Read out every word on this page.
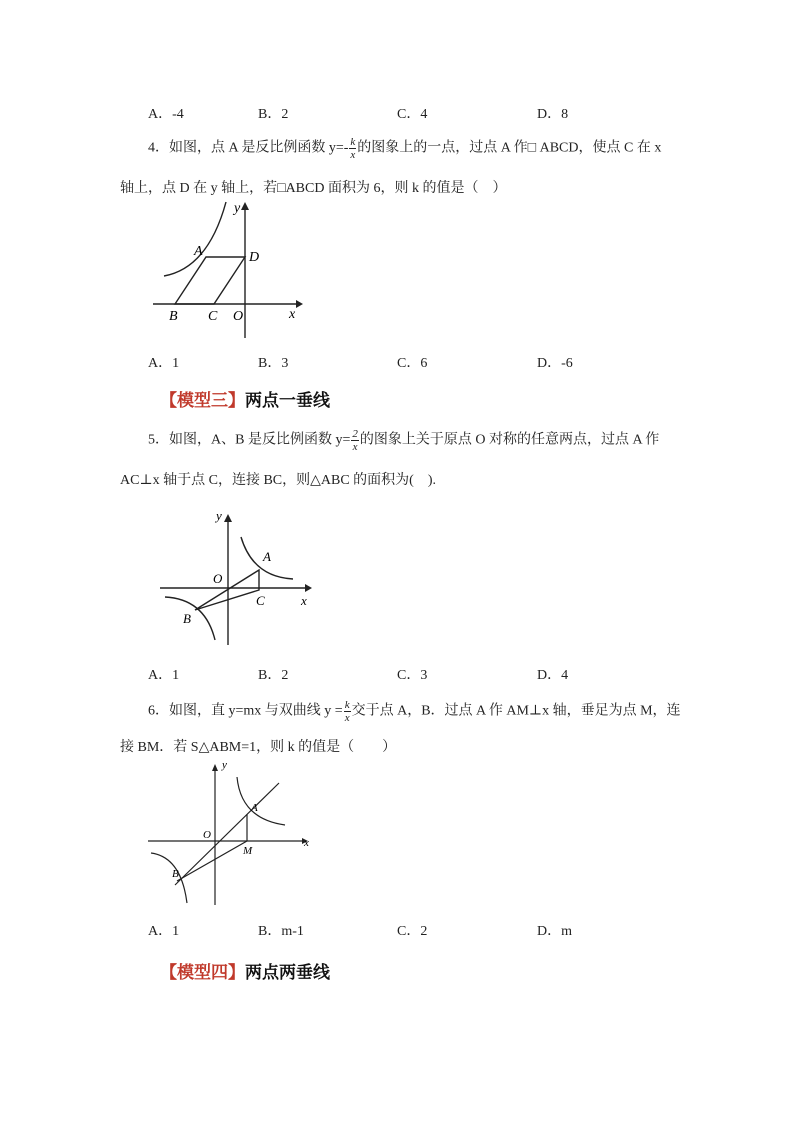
A．-4	B．2	C．4	D．8
4．如图，点 A 是反比例函数 $y=- \frac{k}{x}$ 的图象上的一点，过点 A 作□ ABCD，使点 C 在 x
轴上，点 D 在 y 轴上，若□ABCD 面积为 6，则 k 的值是（　）
A	D
B C O	x
y
A．1	B．3	C．6	D．-6
【模型三】两点一垂线
5．如图，A、B 是反比例函数 $y= \frac{2}{x}$ 的图象上关于原点 O 对称的任意两点，过点 A 作
AC⊥x 轴于点 C，连接 BC，则△ABC 的面积为(　).
A
O
C
B
x
y
A．1	B．2	C．3	D．4
6．如图，直 y=mx 与双曲线 $y = \frac{k}{x}$ 交于点 A，B．过点 A 作 AM⊥x 轴，垂足为点 M，连
接 BM．若 S△ABM=1，则 k 的值是（　　）
A
O
M
B
x
y
A．1	B．m-1	C．2	D．m
【模型四】两点两垂线
